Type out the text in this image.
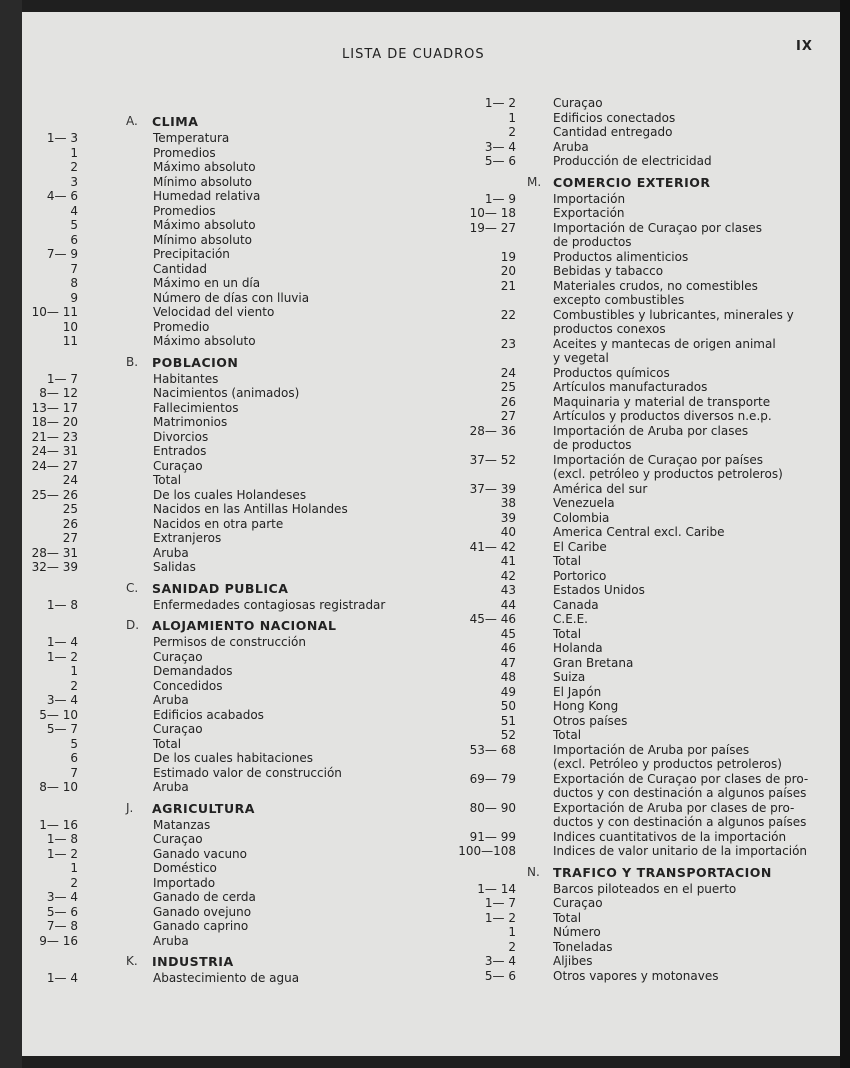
LISTA DE CUADROS
IX
A. CLIMA
1— 3	Temperatura
1	Promedios
2	Máximo absoluto
3	Mínimo absoluto
4— 6	Humedad relativa
4	Promedios
5	Máximo absoluto
6	Mínimo absoluto
7— 9	Precipitación
7	Cantidad
8	Máximo en un día
9	Número de días con lluvia
10— 11	Velocidad del viento
10	Promedio
11	Máximo absoluto
B. POBLACION
1— 7	Habitantes
8— 12	Nacimientos (animados)
13— 17	Fallecimientos
18— 20	Matrimonios
21— 23	Divorcios
24— 31	Entrados
24— 27	Curaçao
24	Total
25— 26	De los cuales Holandeses
25	Nacidos en las Antillas Holandes
26	Nacidos en otra parte
27	Extranjeros
28— 31	Aruba
32— 39	Salidas
C. SANIDAD PUBLICA
1— 8	Enfermedades contagiosas registradar
D. ALOJAMIENTO NACIONAL
1— 4	Permisos de construcción
1— 2	Curaçao
1	Demandados
2	Concedidos
3— 4	Aruba
5— 10	Edificios acabados
5— 7	Curaçao
5	Total
6	De los cuales habitaciones
7	Estimado valor de construcción
8— 10	Aruba
J. AGRICULTURA
1— 16	Matanzas
1— 8	Curaçao
1— 2	Ganado vacuno
1	Doméstico
2	Importado
3— 4	Ganado de cerda
5— 6	Ganado ovejuno
7— 8	Ganado caprino
9— 16	Aruba
K. INDUSTRIA
1— 4	Abastecimiento de agua
1— 2	Curaçao
1	Edificios conectados
2	Cantidad entregado
3— 4	Aruba
5— 6	Producción de electricidad
M. COMERCIO EXTERIOR
1— 9	Importación
10— 18	Exportación
19— 27	Importación de Curaçao por clases
de productos
19	Productos alimenticios
20	Bebidas y tabacco
21	Materiales crudos, no comestibles
excepto combustibles
22	Combustibles y lubricantes, minerales y
productos conexos
23	Aceites y mantecas de origen animal
y vegetal
24	Productos químicos
25	Artículos manufacturados
26	Maquinaria y material de transporte
27	Artículos y productos diversos n.e.p.
28— 36	Importación de Aruba por clases
de productos
37— 52	Importación de Curaçao por países
(excl. petróleo y productos petroleros)
37— 39	América del sur
38	Venezuela
39	Colombia
40	America Central excl. Caribe
41— 42	El Caribe
41	Total
42	Portorico
43	Estados Unidos
44	Canada
45— 46	C.E.E.
45	Total
46	Holanda
47	Gran Bretana
48	Suiza
49	El Japón
50	Hong Kong
51	Otros países
52	Total
53— 68	Importación de Aruba por países
(excl. Petróleo y productos petroleros)
69— 79	Exportación de Curaçao por clases de pro-
ductos y con destinación a algunos países
80— 90	Exportación de Aruba por clases de pro-
ductos y con destinación a algunos países
91— 99	Indices cuantitativos de la importación
100—108	Indices de valor unitario de la importación
N. TRAFICO Y TRANSPORTACION
1— 14	Barcos piloteados en el puerto
1— 7	Curaçao
1— 2	Total
1	Número
2	Toneladas
3— 4	Aljibes
5— 6	Otros vapores y motonaves
